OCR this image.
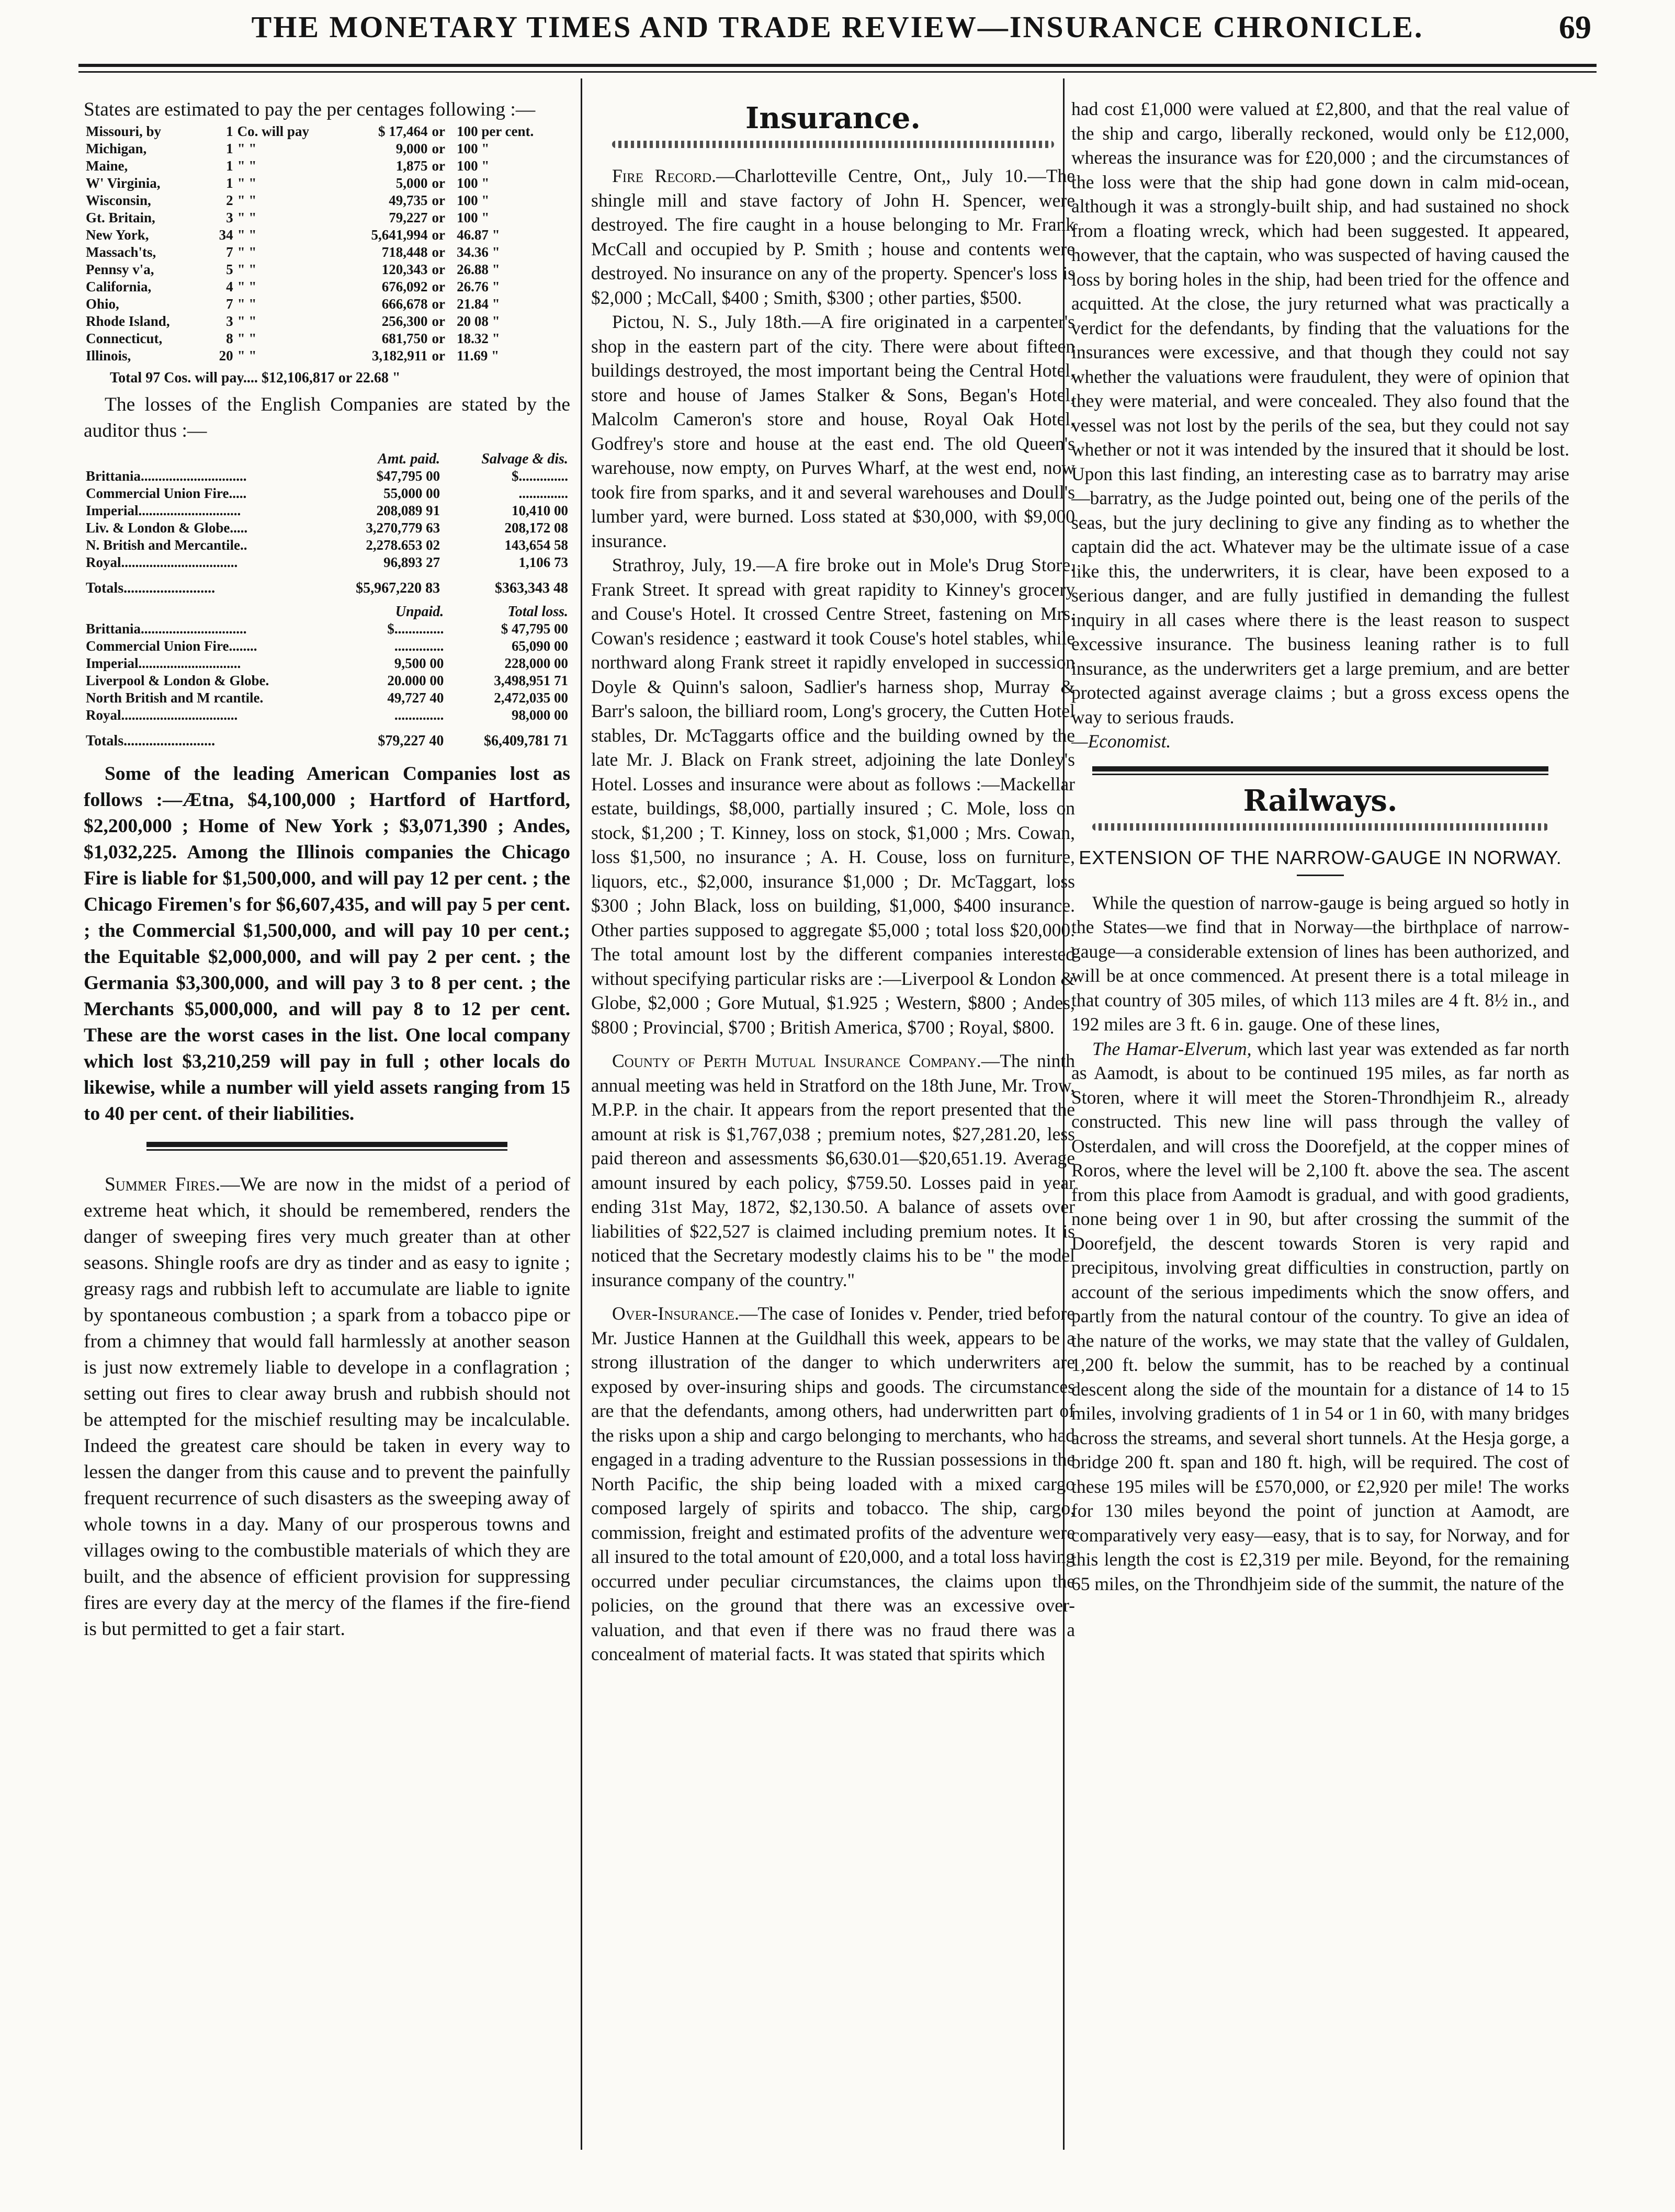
THE MONETARY TIMES AND TRADE REVIEW—INSURANCE CHRONICLE.	69

States are estimated to pay the per centages following :—

Missouri, by	1	Co. will pay	$ 17,464	or	100 per cent.
Michigan,	1	" "	9,000	or	100 "
Maine,	1	" "	1,875	or	100 "
W' Virginia,	1	" "	5,000	or	100 "
Wisconsin,	2	" "	49,735	or	100 "
Gt. Britain,	3	" "	79,227	or	100 "
New York,	34	" "	5,641,994	or	46.87 "
Massach'ts,	7	" "	718,448	or	34.36 "
Pennsy v'a,	5	" "	120,343	or	26.88 "
California,	4	" "	676,092	or	26.76 "
Ohio,	7	" "	666,678	or	21.84 "
Rhode Island,	3	" "	256,300	or	20 08 "
Connecticut,	8	" "	681,750	or	18.32 "
Illinois,	20	" "	3,182,911	or	11.69 "
Total 97 Cos. will pay.... $12,106,817 or 22.68 "

The losses of the English Companies are stated by the auditor thus :—

	Amt. paid.	Salvage & dis.
Brittania..............................	$47,795 00	$..............
Commercial Union Fire.....	55,000 00	..............
Imperial.............................	208,089 91	10,410 00
Liv. & London & Globe.....	3,270,779 63	208,172 08
N. British and Mercantile..	2,278.653 02	143,654 58
Royal.................................	96,893 27	1,106 73
Totals.........................	$5,967,220 83	$363,343 48
	Unpaid.	Total loss.
Brittania..............................	$..............	$ 47,795 00
Commercial Union Fire........	..............	65,090 00
Imperial.............................	9,500 00	228,000 00
Liverpool & London & Globe.	20.000 00	3,498,951 71
North British and M rcantile.	49,727 40	2,472,035 00
Royal.................................	..............	98,000 00
Totals.........................	$79,227 40	$6,409,781 71

Some of the leading American Companies lost as follows :—Ætna, $4,100,000 ; Hartford of Hartford, $2,200,000 ; Home of New York ; $3,071,390 ; Andes, $1,032,225. Among the Illinois companies the Chicago Fire is liable for $1,500,000, and will pay 12 per cent. ; the Chicago Firemen's for $6,607,435, and will pay 5 per cent. ; the Commercial $1,500,000, and will pay 10 per cent.; the Equitable $2,000,000, and will pay 2 per cent. ; the Germania $3,300,000, and will pay 3 to 8 per cent. ; the Merchants $5,000,000, and will pay 8 to 12 per cent. These are the worst cases in the list. One local company which lost $3,210,259 will pay in full ; other locals do likewise, while a number will yield assets ranging from 15 to 40 per cent. of their liabilities.

Summer Fires.—We are now in the midst of a period of extreme heat which, it should be remembered, renders the danger of sweeping fires very much greater than at other seasons. Shingle roofs are dry as tinder and as easy to ignite ; greasy rags and rubbish left to accumulate are liable to ignite by spontaneous combustion ; a spark from a tobacco pipe or from a chimney that would fall harmlessly at another season is just now extremely liable to develope in a conflagration ; setting out fires to clear away brush and rubbish should not be attempted for the mischief resulting may be incalculable. Indeed the greatest care should be taken in every way to lessen the danger from this cause and to prevent the painfully frequent recurrence of such disasters as the sweeping away of whole towns in a day. Many of our prosperous towns and villages owing to the combustible materials of which they are built, and the absence of efficient provision for suppressing fires are every day at the mercy of the flames if the fire-fiend is but permitted to get a fair start.

Insurance.

Fire Record.—Charlotteville Centre, Ont,, July 10.—The shingle mill and stave factory of John H. Spencer, were destroyed. The fire caught in a house belonging to Mr. Frank McCall and occupied by P. Smith ; house and contents were destroyed. No insurance on any of the property. Spencer's loss is $2,000 ; McCall, $400 ; Smith, $300 ; other parties, $500.

Pictou, N. S., July 18th.—A fire originated in a carpenter's shop in the eastern part of the city. There were about fifteen buildings destroyed, the most important being the Central Hotel, store and house of James Stalker & Sons, Began's Hotel, Malcolm Cameron's store and house, Royal Oak Hotel, Godfrey's store and house at the east end. The old Queen's warehouse, now empty, on Purves Wharf, at the west end, now took fire from sparks, and it and several warehouses and Doull's lumber yard, were burned. Loss stated at $30,000, with $9,000 insurance.

Strathroy, July, 19.—A fire broke out in Mole's Drug Store. Frank Street. It spread with great rapidity to Kinney's grocery and Couse's Hotel. It crossed Centre Street, fastening on Mrs. Cowan's residence ; eastward it took Couse's hotel stables, while northward along Frank street it rapidly enveloped in succession Doyle & Quinn's saloon, Sadlier's harness shop, Murray & Barr's saloon, the billiard room, Long's grocery, the Cutten Hotel stables, Dr. McTaggarts office and the building owned by the late Mr. J. Black on Frank street, adjoining the late Donley's Hotel. Losses and insurance were about as follows :—Mackellar estate, buildings, $8,000, partially insured ; C. Mole, loss on stock, $1,200 ; T. Kinney, loss on stock, $1,000 ; Mrs. Cowan, loss $1,500, no insurance ; A. H. Couse, loss on furniture, liquors, etc., $2,000, insurance $1,000 ; Dr. McTaggart, loss $300 ; John Black, loss on building, $1,000, $400 insurance. Other parties supposed to aggregate $5,000 ; total loss $20,000. The total amount lost by the different companies interested without specifying particular risks are :—Liverpool & London & Globe, $2,000 ; Gore Mutual, $1.925 ; Western, $800 ; Andes, $800 ; Provincial, $700 ; British America, $700 ; Royal, $800.

County of Perth Mutual Insurance Company.—The ninth annual meeting was held in Stratford on the 18th June, Mr. Trow, M.P.P. in the chair. It appears from the report presented that the amount at risk is $1,767,038 ; premium notes, $27,281.20, less paid thereon and assessments $6,630.01—$20,651.19. Average amount insured by each policy, $759.50. Losses paid in year ending 31st May, 1872, $2,130.50. A balance of assets over liabilities of $22,527 is claimed including premium notes. It is noticed that the Secretary modestly claims his to be " the model insurance company of the country."

Over-Insurance.—The case of Ionides v. Pender, tried before Mr. Justice Hannen at the Guildhall this week, appears to be a strong illustration of the danger to which underwriters are exposed by over-insuring ships and goods. The circumstances are that the defendants, among others, had underwritten part of the risks upon a ship and cargo belonging to merchants, who had engaged in a trading adventure to the Russian possessions in the North Pacific, the ship being loaded with a mixed cargo composed largely of spirits and tobacco. The ship, cargo, commission, freight and estimated profits of the adventure were all insured to the total amount of £20,000, and a total loss having occurred under peculiar circumstances, the claims upon the policies, on the ground that there was an excessive over-valuation, and that even if there was no fraud there was a concealment of material facts. It was stated that spirits which

had cost £1,000 were valued at £2,800, and that the real value of the ship and cargo, liberally reckoned, would only be £12,000, whereas the insurance was for £20,000 ; and the circumstances of the loss were that the ship had gone down in calm mid-ocean, although it was a strongly-built ship, and had sustained no shock from a floating wreck, which had been suggested. It appeared, however, that the captain, who was suspected of having caused the loss by boring holes in the ship, had been tried for the offence and acquitted. At the close, the jury returned what was practically a verdict for the defendants, by finding that the valuations for the insurances were excessive, and that though they could not say whether the valuations were fraudulent, they were of opinion that they were material, and were concealed. They also found that the vessel was not lost by the perils of the sea, but they could not say whether or not it was intended by the insured that it should be lost. Upon this last finding, an interesting case as to barratry may arise—barratry, as the Judge pointed out, being one of the perils of the seas, but the jury declining to give any finding as to whether the captain did the act. Whatever may be the ultimate issue of a case like this, the underwriters, it is clear, have been exposed to a serious danger, and are fully justified in demanding the fullest inquiry in all cases where there is the least reason to suspect excessive insurance. The business leaning rather is to full insurance, as the underwriters get a large premium, and are better protected against average claims ; but a gross excess opens the way to serious frauds.

—Economist.
Railways.
EXTENSION OF THE NARROW-GAUGE IN NORWAY.

While the question of narrow-gauge is being argued so hotly in the States—we find that in Norway—the birthplace of narrow-gauge—a considerable extension of lines has been authorized, and will be at once commenced. At present there is a total mileage in that country of 305 miles, of which 113 miles are 4 ft. 8½ in., and 192 miles are 3 ft. 6 in. gauge. One of these lines,

The Hamar-Elverum, which last year was extended as far north as Aamodt, is about to be continued 195 miles, as far north as Storen, where it will meet the Storen-Throndhjeim R., already constructed. This new line will pass through the valley of Osterdalen, and will cross the Doorefjeld, at the copper mines of Roros, where the level will be 2,100 ft. above the sea. The ascent from this place from Aamodt is gradual, and with good gradients, none being over 1 in 90, but after crossing the summit of the Doorefjeld, the descent towards Storen is very rapid and precipitous, involving great difficulties in construction, partly on account of the serious impediments which the snow offers, and partly from the natural contour of the country. To give an idea of the nature of the works, we may state that the valley of Guldalen, 1,200 ft. below the summit, has to be reached by a continual descent along the side of the mountain for a distance of 14 to 15 miles, involving gradients of 1 in 54 or 1 in 60, with many bridges across the streams, and several short tunnels. At the Hesja gorge, a bridge 200 ft. span and 180 ft. high, will be required. The cost of these 195 miles will be £570,000, or £2,920 per mile! The works for 130 miles beyond the point of junction at Aamodt, are comparatively very easy—easy, that is to say, for Norway, and for this length the cost is £2,319 per mile. Beyond, for the remaining 65 miles, on the Throndhjeim side of the summit, the nature of the
